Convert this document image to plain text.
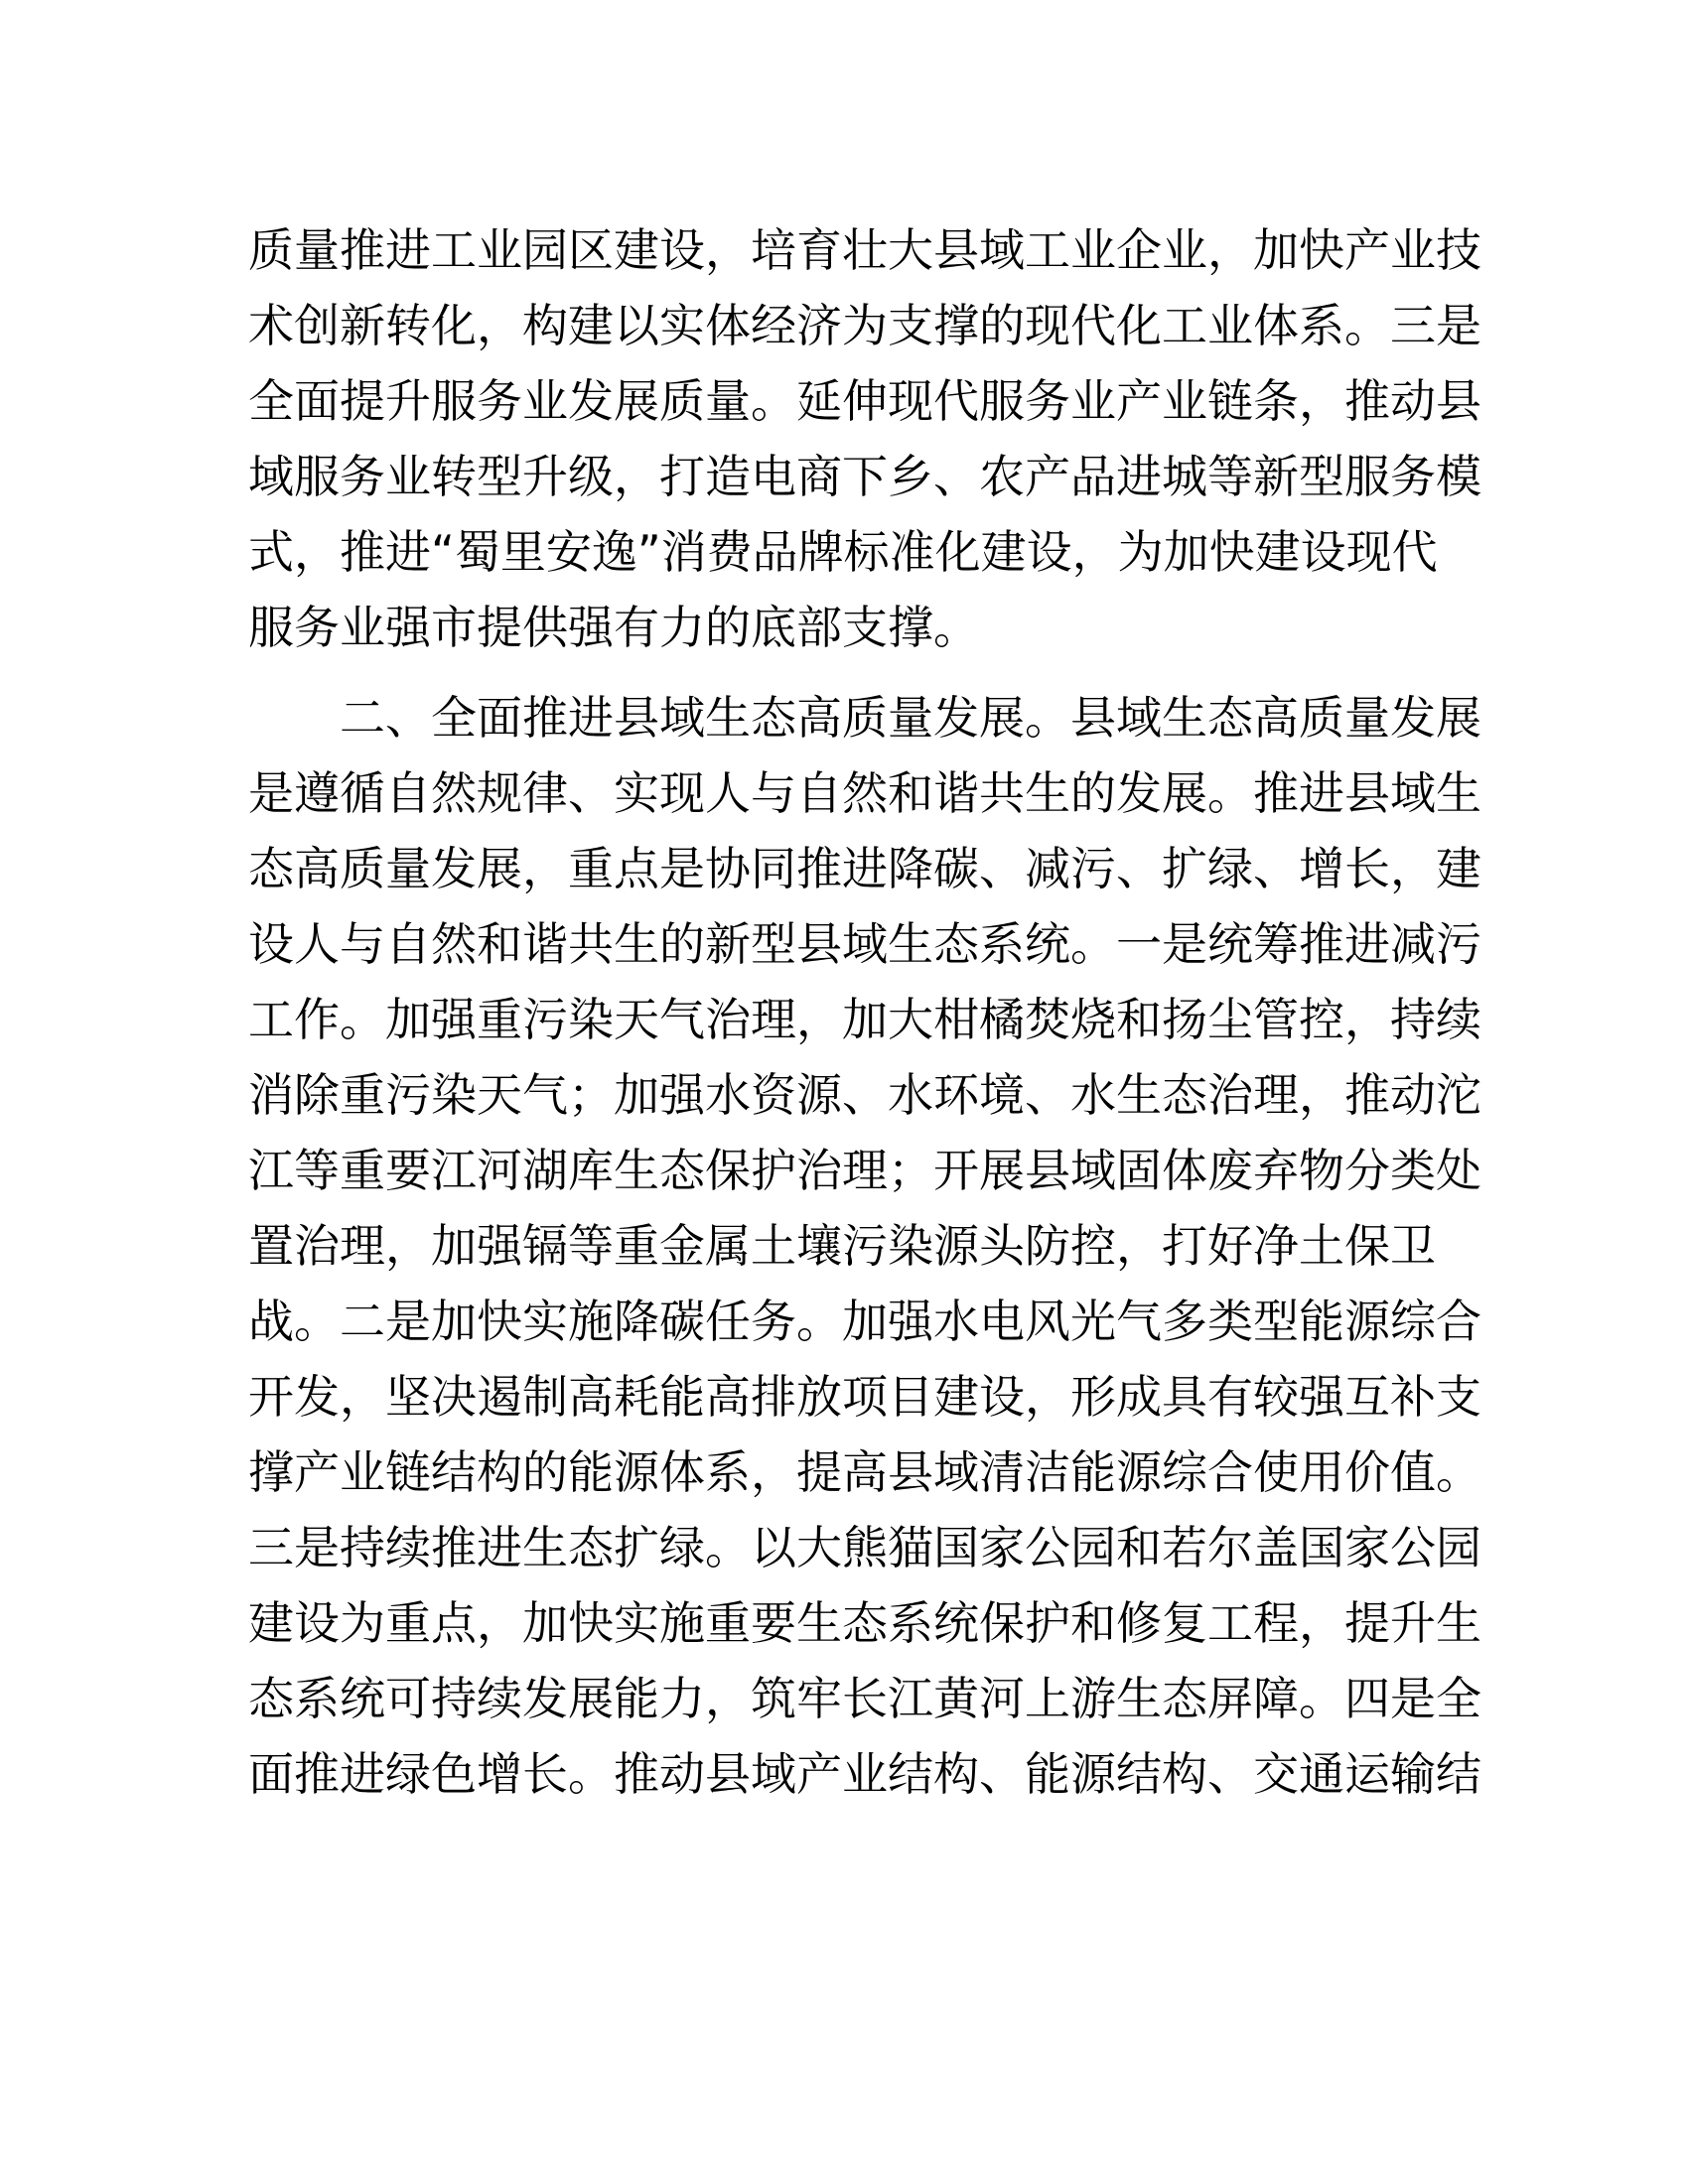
质量推进工业园区建设，培育壮大县域工业企业，加快产业技
术创新转化，构建以实体经济为支撑的现代化工业体系。三是
全面提升服务业发展质量。延伸现代服务业产业链条，推动县
域服务业转型升级，打造电商下乡、农产品进城等新型服务模
式，推进“蜀里安逸”消费品牌标准化建设，为加快建设现代
服务业强市提供强有力的底部支撑。
　　二、全面推进县域生态高质量发展。县域生态高质量发展
是遵循自然规律、实现人与自然和谐共生的发展。推进县域生
态高质量发展，重点是协同推进降碳、减污、扩绿、增长，建
设人与自然和谐共生的新型县域生态系统。一是统筹推进减污
工作。加强重污染天气治理，加大柑橘焚烧和扬尘管控，持续
消除重污染天气；加强水资源、水环境、水生态治理，推动沱
江等重要江河湖库生态保护治理；开展县域固体废弃物分类处
置治理，加强镉等重金属土壤污染源头防控，打好净土保卫
战。二是加快实施降碳任务。加强水电风光气多类型能源综合
开发，坚决遏制高耗能高排放项目建设，形成具有较强互补支
撑产业链结构的能源体系，提高县域清洁能源综合使用价值。
三是持续推进生态扩绿。以大熊猫国家公园和若尔盖国家公园
建设为重点，加快实施重要生态系统保护和修复工程，提升生
态系统可持续发展能力，筑牢长江黄河上游生态屏障。四是全
面推进绿色增长。推动县域产业结构、能源结构、交通运输结
